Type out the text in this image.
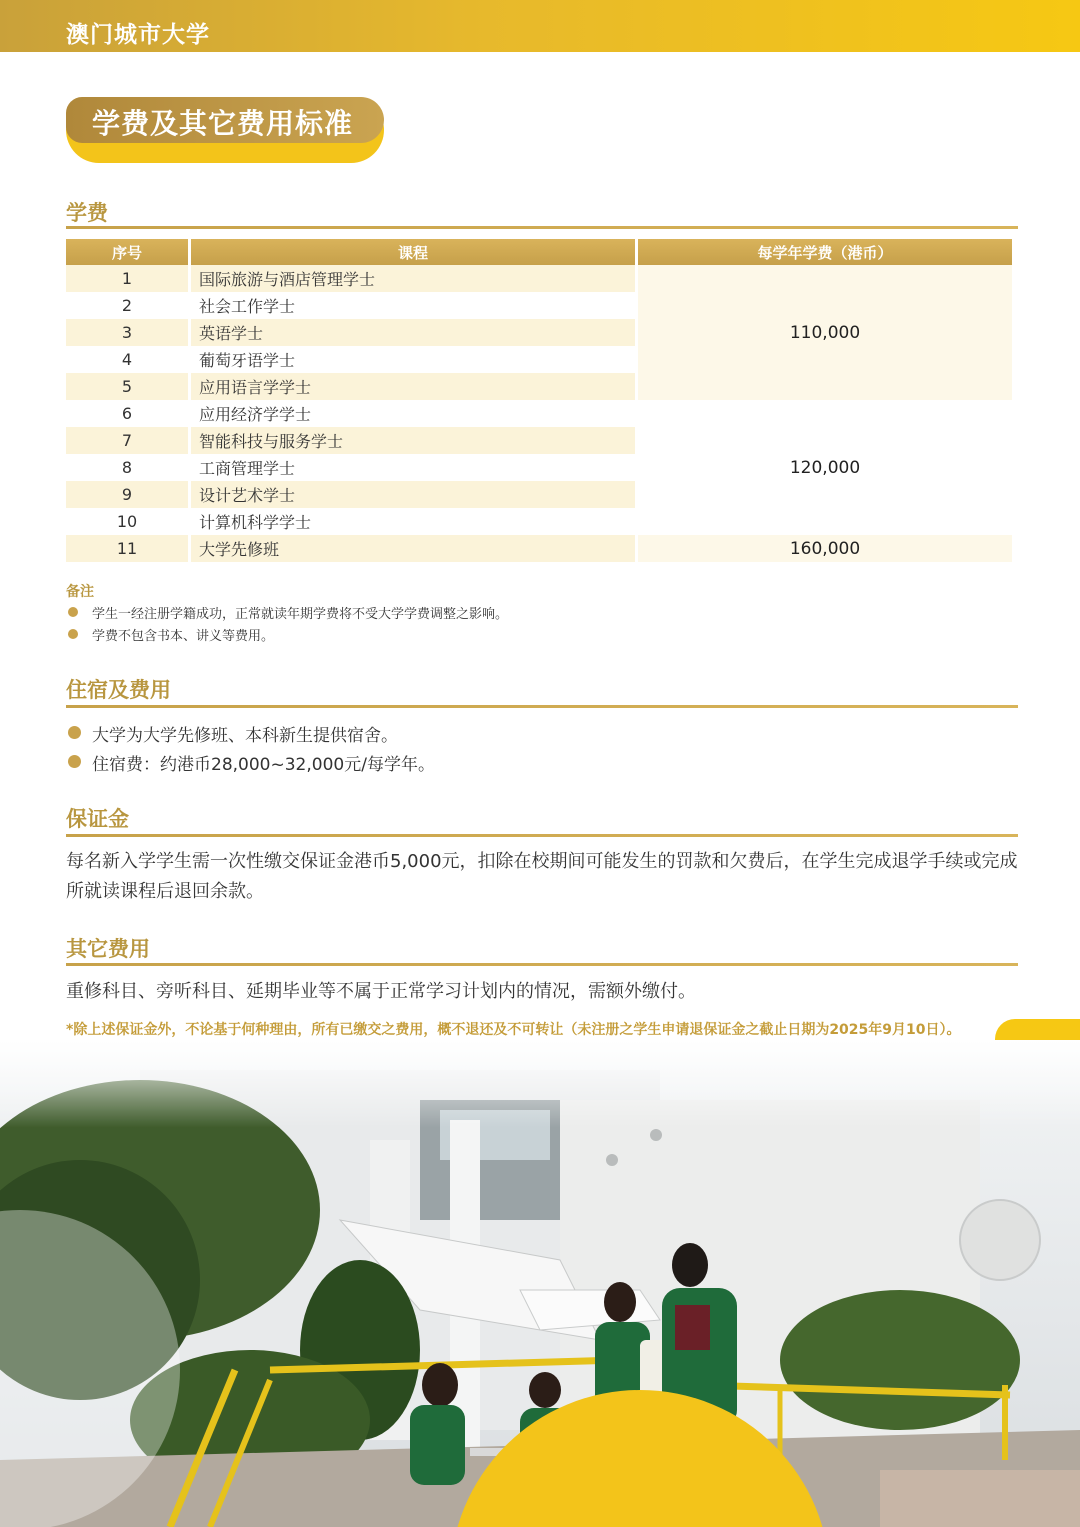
澳门城市大学
学费及其它费用标准
学费
序号	课程	每学年学费（港币）
1	国际旅游与酒店管理学士	110,000
2	社会工作学士	
3	英语学士	
4	葡萄牙语学士	
5	应用语言学学士	
6	应用经济学学士	120,000
7	智能科技与服务学士	
8	工商管理学士	
9	设计艺术学士	
10	计算机科学学士	
11	大学先修班	160,000
备注
学生一经注册学籍成功，正常就读年期学费将不受大学学费调整之影响。
学费不包含书本、讲义等费用。
住宿及费用
大学为大学先修班、本科新生提供宿舍。
住宿费：约港币28,000~32,000元/每学年。
保证金
每名新入学学生需一次性缴交保证金港币5,000元，扣除在校期间可能发生的罚款和欠费后，在学生完成退学手续或完成所就读课程后退回余款。
其它费用
重修科目、旁听科目、延期毕业等不属于正常学习计划内的情况，需额外缴付。
*除上述保证金外，不论基于何种理由，所有已缴交之费用，概不退还及不可转让（未注册之学生申请退保证金之截止日期为2025年9月10日）。
